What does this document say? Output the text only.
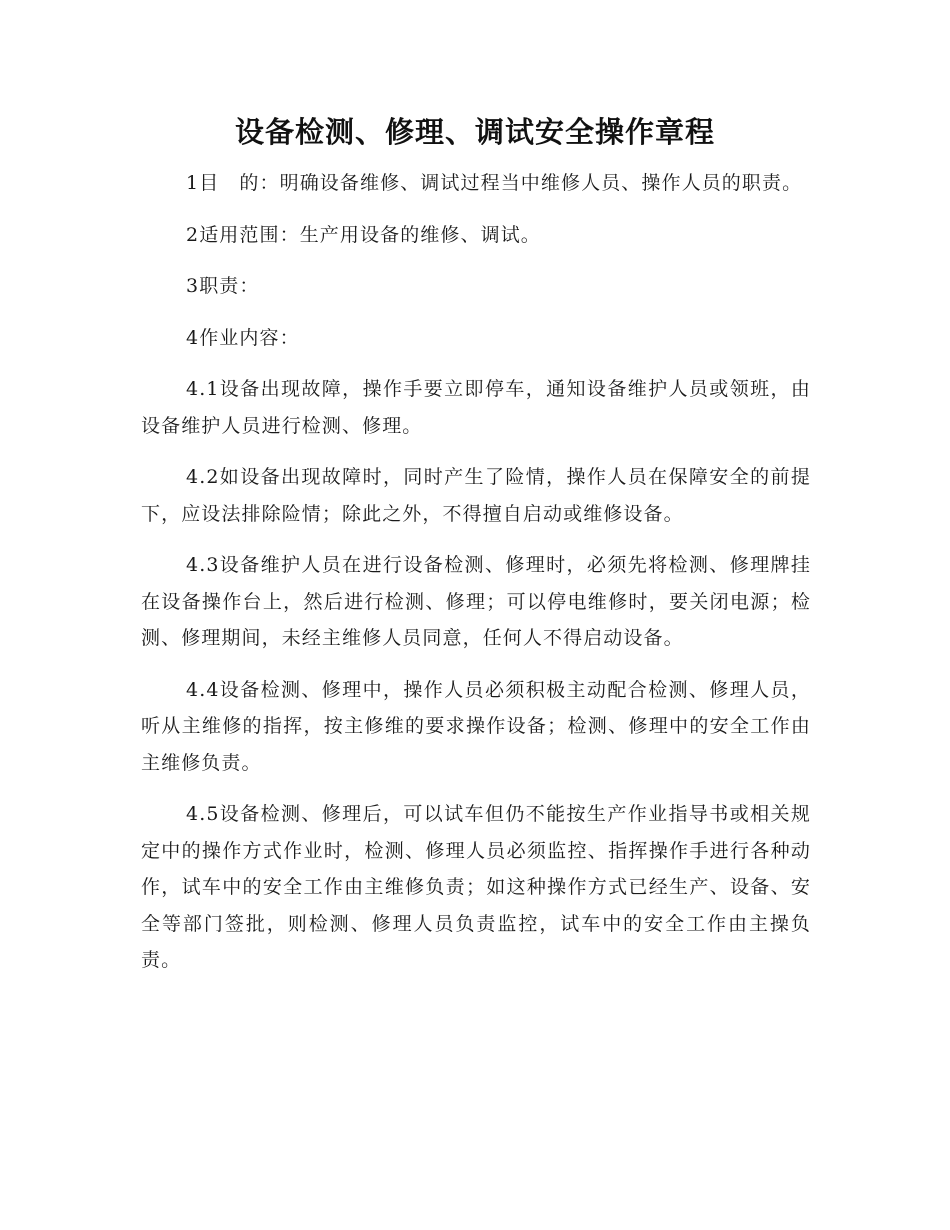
设备检测、修理、调试安全操作章程

1目　的：明确设备维修、调试过程当中维修人员、操作人员的职责。

2适用范围：生产用设备的维修、调试。

3职责：

4作业内容：

4.1设备出现故障，操作手要立即停车，通知设备维护人员或领班，由设备维护人员进行检测、修理。

4.2如设备出现故障时，同时产生了险情，操作人员在保障安全的前提下，应设法排除险情；除此之外，不得擅自启动或维修设备。

4.3设备维护人员在进行设备检测、修理时，必须先将检测、修理牌挂在设备操作台上，然后进行检测、修理；可以停电维修时，要关闭电源；检测、修理期间，未经主维修人员同意，任何人不得启动设备。

4.4设备检测、修理中，操作人员必须积极主动配合检测、修理人员，听从主维修的指挥，按主修维的要求操作设备；检测、修理中的安全工作由主维修负责。

4.5设备检测、修理后，可以试车但仍不能按生产作业指导书或相关规定中的操作方式作业时，检测、修理人员必须监控、指挥操作手进行各种动作，试车中的安全工作由主维修负责；如这种操作方式已经生产、设备、安全等部门签批，则检测、修理人员负责监控，试车中的安全工作由主操负责。
